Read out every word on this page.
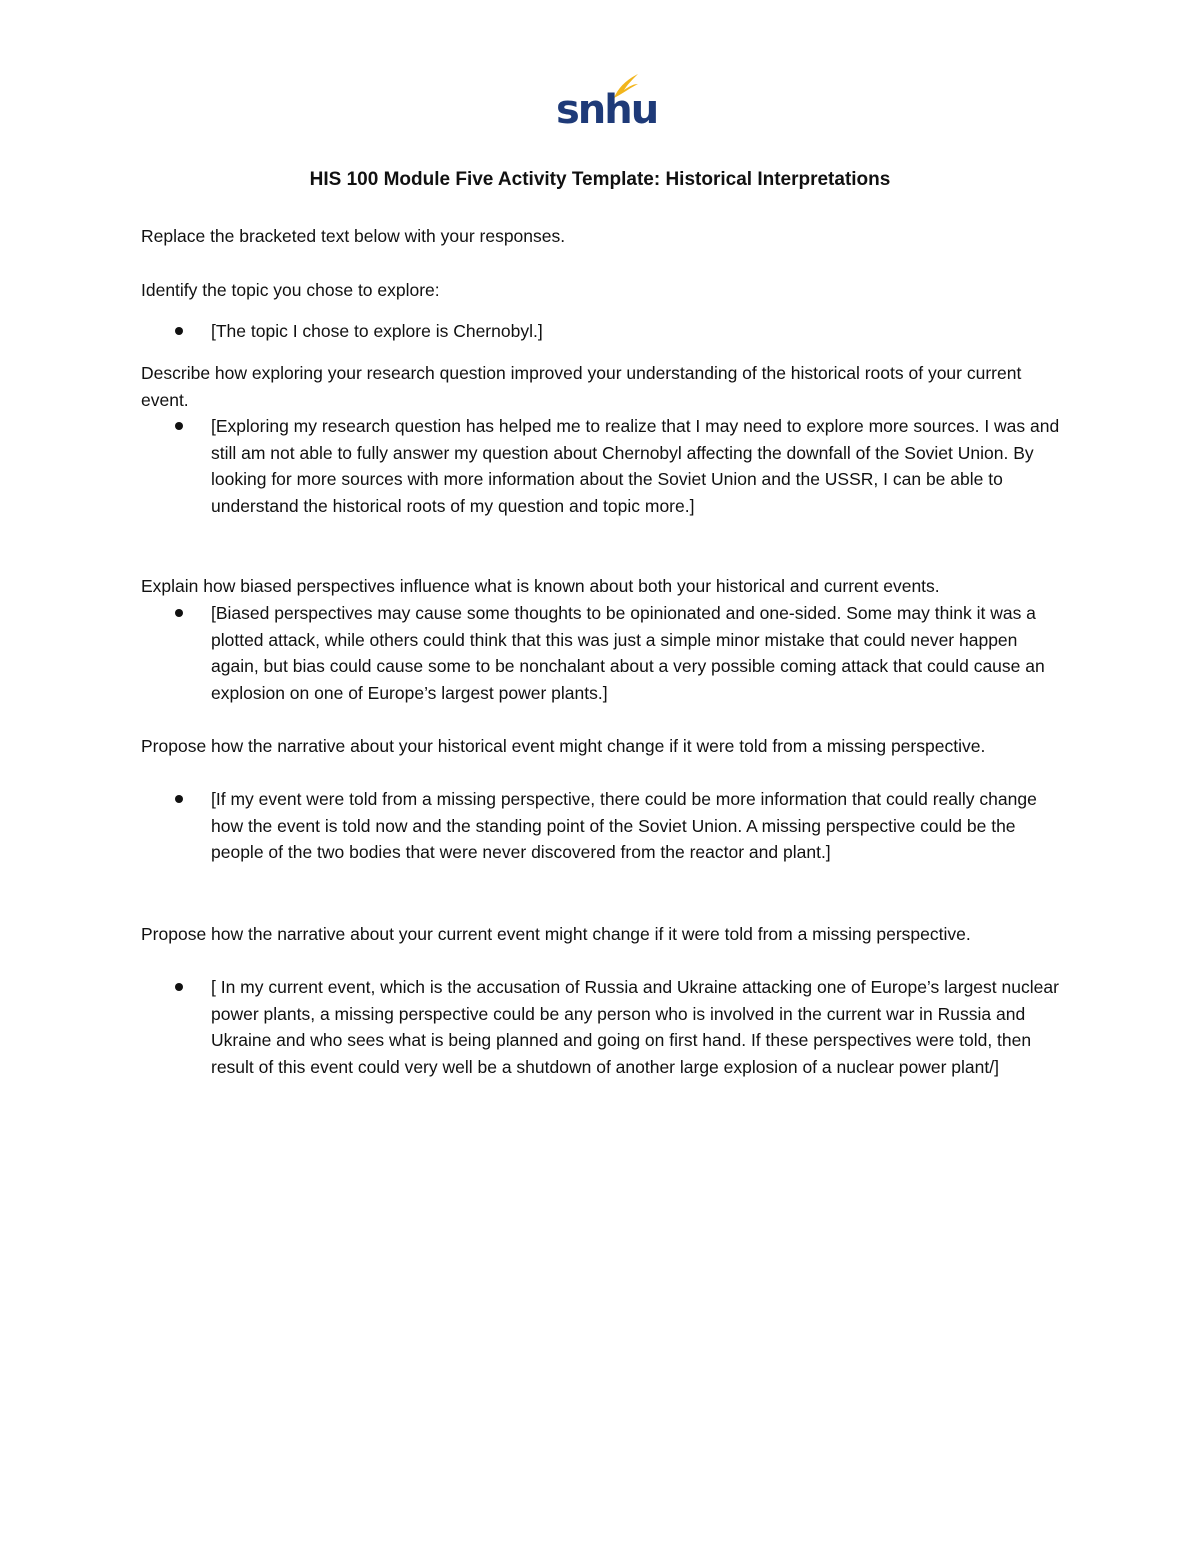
snhu
HIS 100 Module Five Activity Template: Historical Interpretations
Replace the bracketed text below with your responses.
Identify the topic you chose to explore:
[The topic I chose to explore is Chernobyl.]
Describe how exploring your research question improved your understanding of the historical roots of your current event.
[Exploring my research question has helped me to realize that I may need to explore more sources. I was and still am not able to fully answer my question about Chernobyl affecting the downfall of the Soviet Union. By looking for more sources with more information about the Soviet Union and the USSR, I can be able to understand the historical roots of my question and topic more.]
Explain how biased perspectives influence what is known about both your historical and current events.
[Biased perspectives may cause some thoughts to be opinionated and one-sided. Some may think it was a plotted attack, while others could think that this was just a simple minor mistake that could never happen again, but bias could cause some to be nonchalant about a very possible coming attack that could cause an explosion on one of Europe’s largest power plants.]
Propose how the narrative about your historical event might change if it were told from a missing perspective.
[If my event were told from a missing perspective, there could be more information that could really change how the event is told now and the standing point of the Soviet Union. A missing perspective could be the people of the two bodies that were never discovered from the reactor and plant.]
Propose how the narrative about your current event might change if it were told from a missing perspective.
[ In my current event, which is the accusation of Russia and Ukraine attacking one of Europe’s largest nuclear power plants, a missing perspective could be any person who is involved in the current war in Russia and Ukraine and who sees what is being planned and going on first hand. If these perspectives were told, then result of this event could very well be a shutdown of another large explosion of a nuclear power plant/]
